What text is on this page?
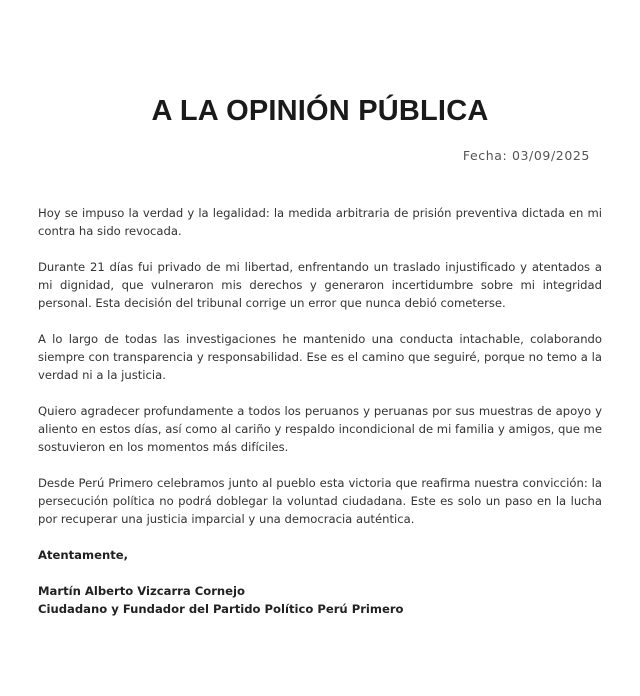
A LA OPINIÓN PÚBLICA
Fecha: 03/09/2025

Hoy se impuso la verdad y la legalidad: la medida arbitraria de prisión preventiva dictada en mi contra ha sido revocada.

Durante 21 días fui privado de mi libertad, enfrentando un traslado injustificado y atentados a mi dignidad, que vulneraron mis derechos y generaron incertidumbre sobre mi integridad personal. Esta decisión del tribunal corrige un error que nunca debió cometerse.

A lo largo de todas las investigaciones he mantenido una conducta intachable, colaborando siempre con transparencia y responsabilidad. Ese es el camino que seguiré, porque no temo a la verdad ni a la justicia.

Quiero agradecer profundamente a todos los peruanos y peruanas por sus muestras de apoyo y aliento en estos días, así como al cariño y respaldo incondicional de mi familia y amigos, que me sostuvieron en los momentos más difíciles.

Desde Perú Primero celebramos junto al pueblo esta victoria que reafirma nuestra convicción: la persecución política no podrá doblegar la voluntad ciudadana. Este es solo un paso en la lucha por recuperar una justicia imparcial y una democracia auténtica.

Atentamente,

Martín Alberto Vizcarra Cornejo

Ciudadano y Fundador del Partido Político Perú Primero
